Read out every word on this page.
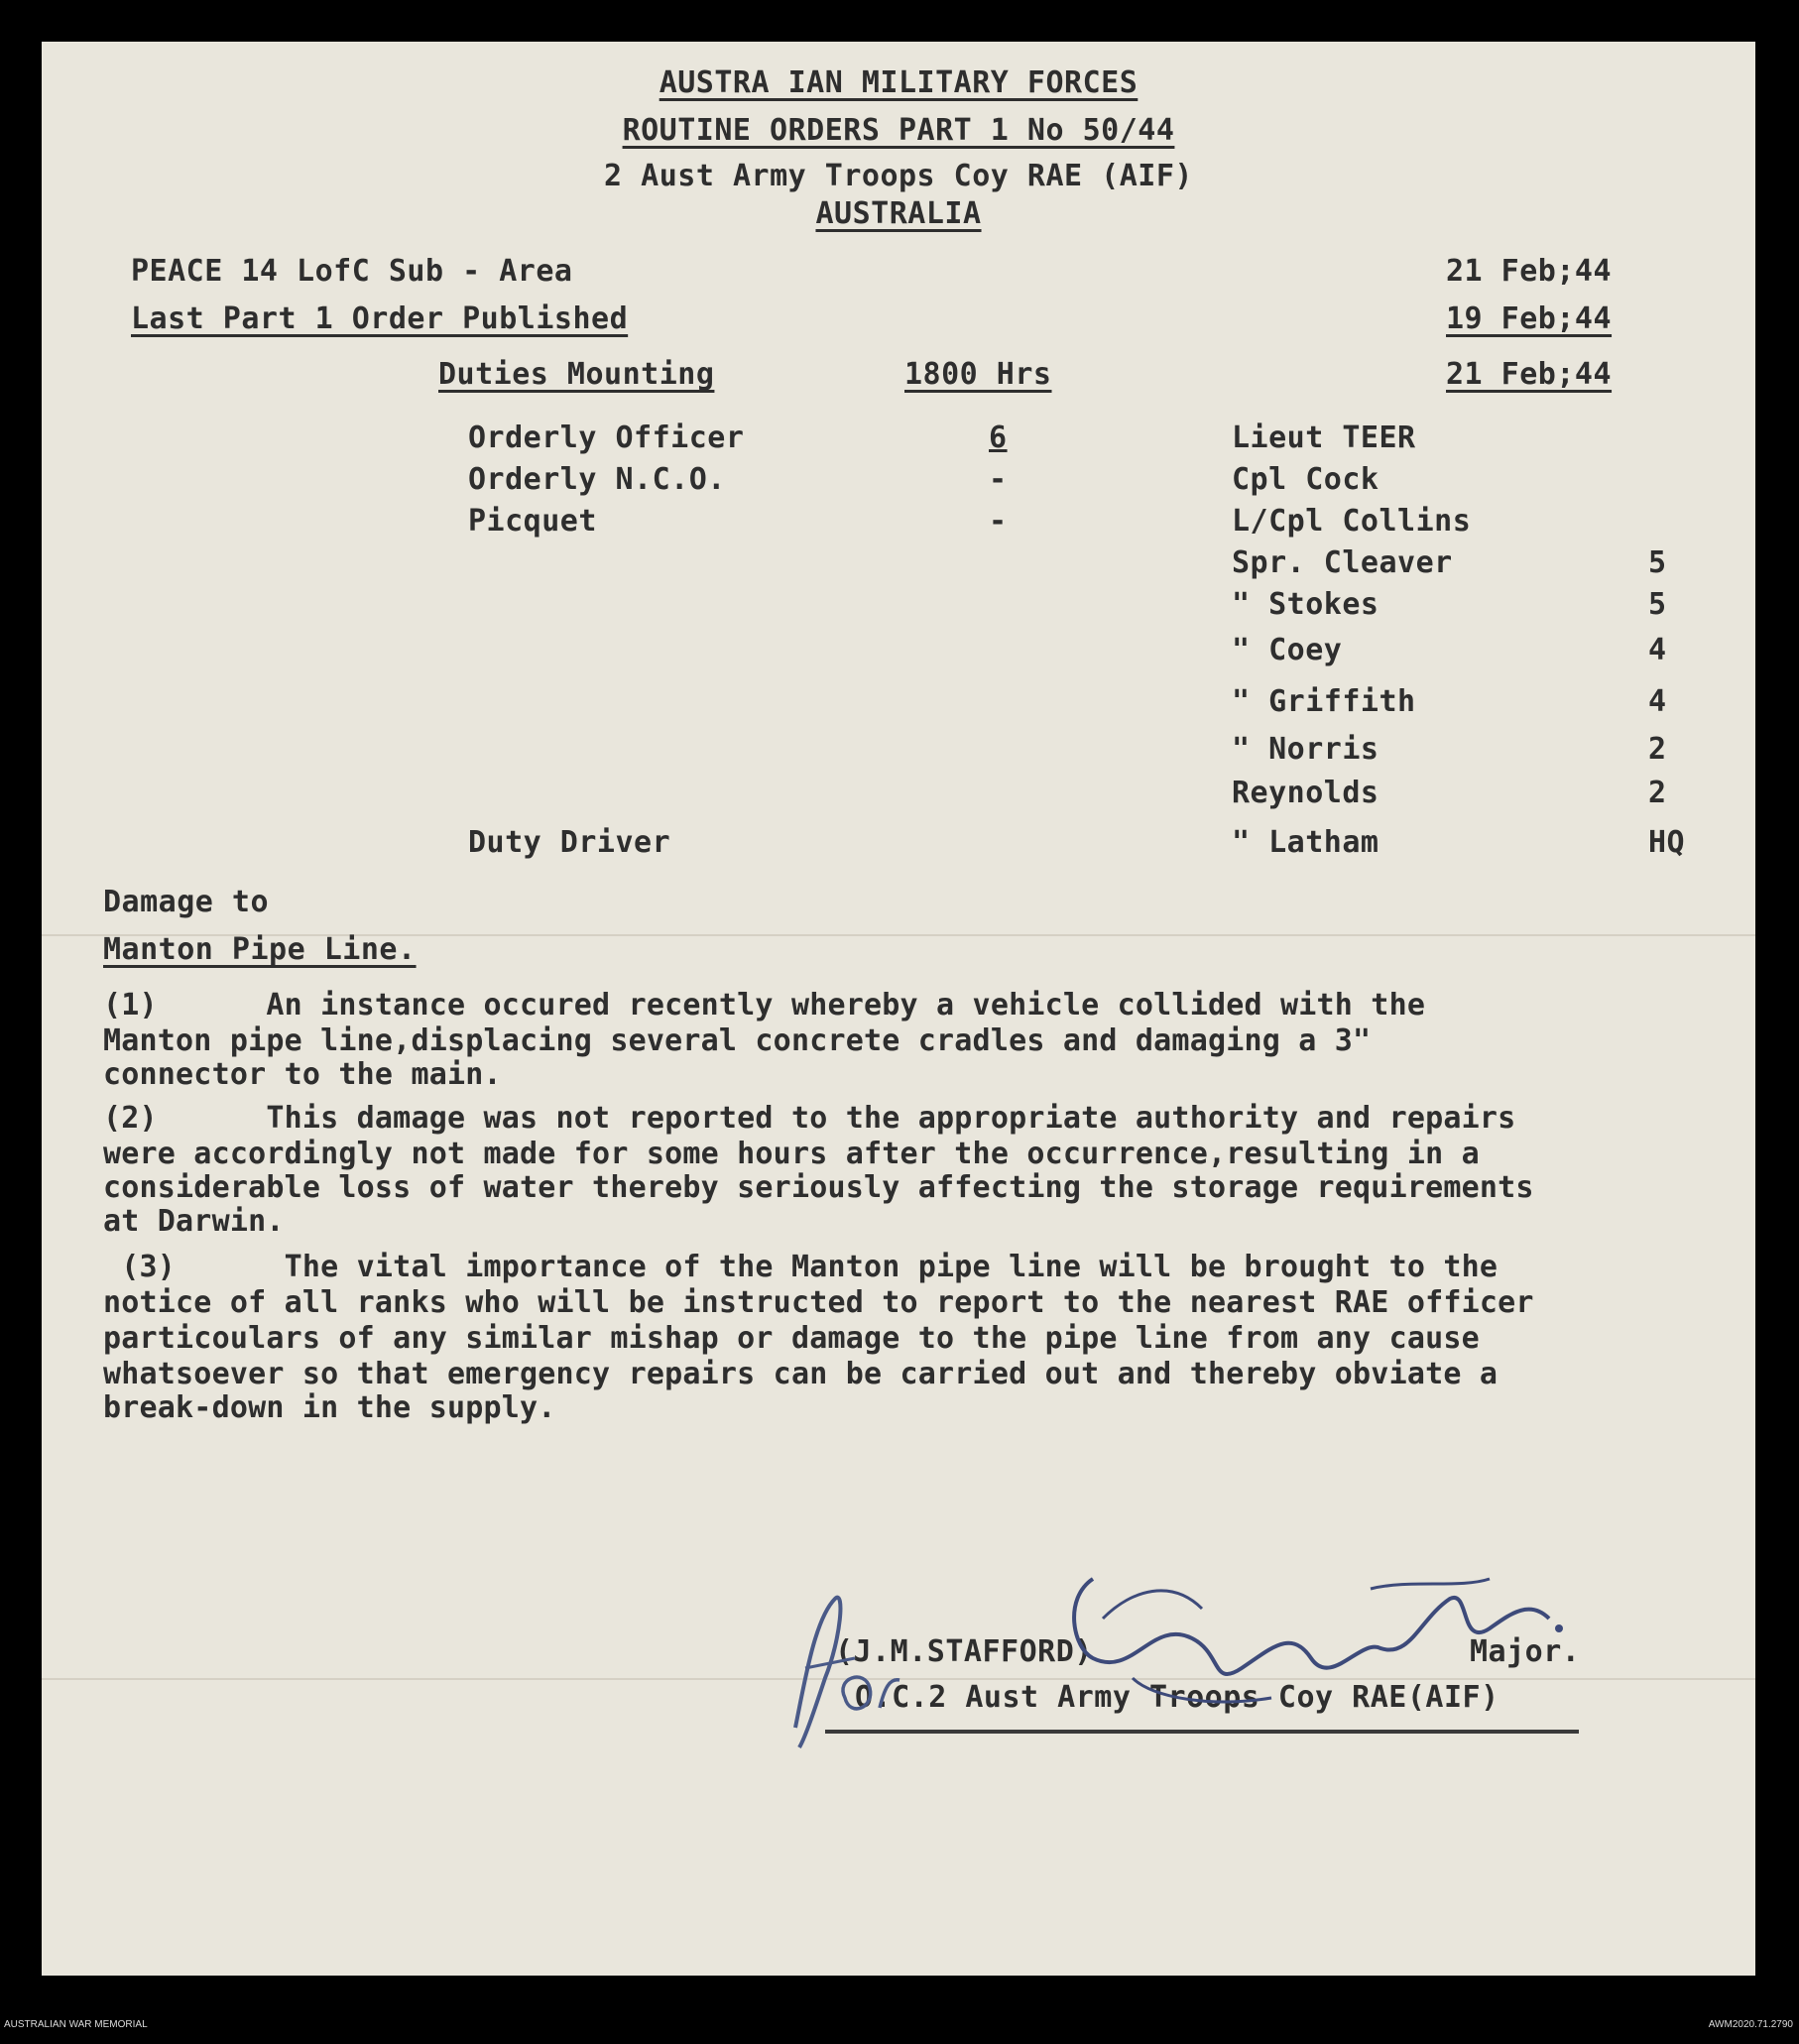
AUSTRA IAN MILITARY FORCES
ROUTINE ORDERS PART 1 No 50/44
2 Aust Army Troops Coy RAE (AIF)
AUSTRALIA
PEACE 14 LofC Sub - Area	21 Feb;44
Last Part 1 Order Published	19 Feb;44
Duties Mounting	1800 Hrs	21 Feb;44
Orderly Officer	6	Lieut TEER
Orderly N.C.O.	-	Cpl Cock
Picquet	-	L/Cpl Collins
Spr. Cleaver	5
" Stokes	5
" Coey	4
" Griffith	4
" Norris	2
Reynolds	2
Duty Driver	" Latham	HQ
Damage to
Manton Pipe Line.
(1)      An instance occured recently whereby a vehicle collided with the
Manton pipe line,displacing several concrete cradles and damaging a 3"
connector to the main.
(2)      This damage was not reported to the appropriate authority and repairs
were accordingly not made for some hours after the occurrence,resulting in a
considerable loss of water thereby seriously affecting the storage requirements
at Darwin.
(3)      The vital importance of the Manton pipe line will be brought to the
notice of all ranks who will be instructed to report to the nearest RAE officer
particoulars of any similar mishap or damage to the pipe line from any cause
whatsoever so that emergency repairs can be carried out and thereby obviate a
break-down in the supply.
(J.M.STAFFORD)	Major.
O.C.2 Aust Army Troops Coy RAE(AIF)
AUSTRALIAN WAR MEMORIAL	AWM2020.71.2790
